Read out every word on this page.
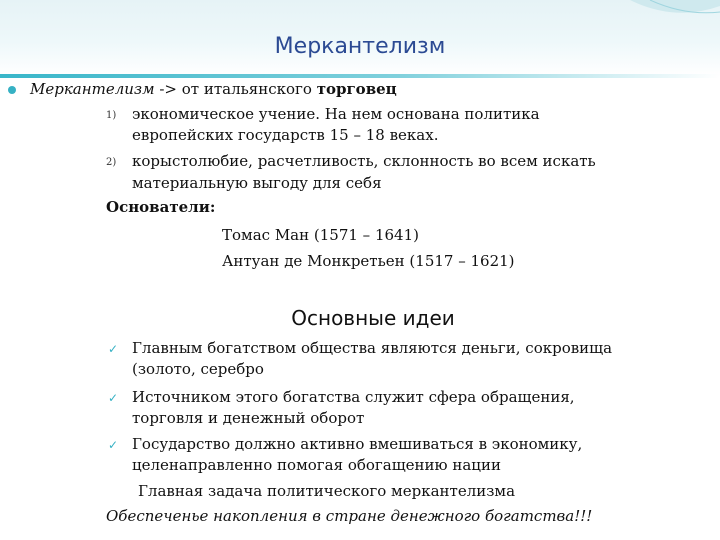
Меркантелизм
Меркантелизм -> от итальянского торговец
1) экономическое учение. На нем основана политика
европейских государств 15 – 18 веках.
2) корыстолюбие, расчетливость, склонность во всем искать
материальную выгоду для себя
Основатели:
Томас Ман (1571 – 1641)
Антуан де Монкретьен (1517 – 1621)
Основные идеи
✓ Главным богатством общества являются деньги, сокровища
(золото, серебро
✓ Источником этого богатства служит сфера обращения,
торговля и денежный оборот
✓ Государство должно активно вмешиваться в экономику,
целенаправленно помогая обогащению нации
Главная задача политического меркантелизма
Обеспеченье накопления в стране денежного богатства!!!
